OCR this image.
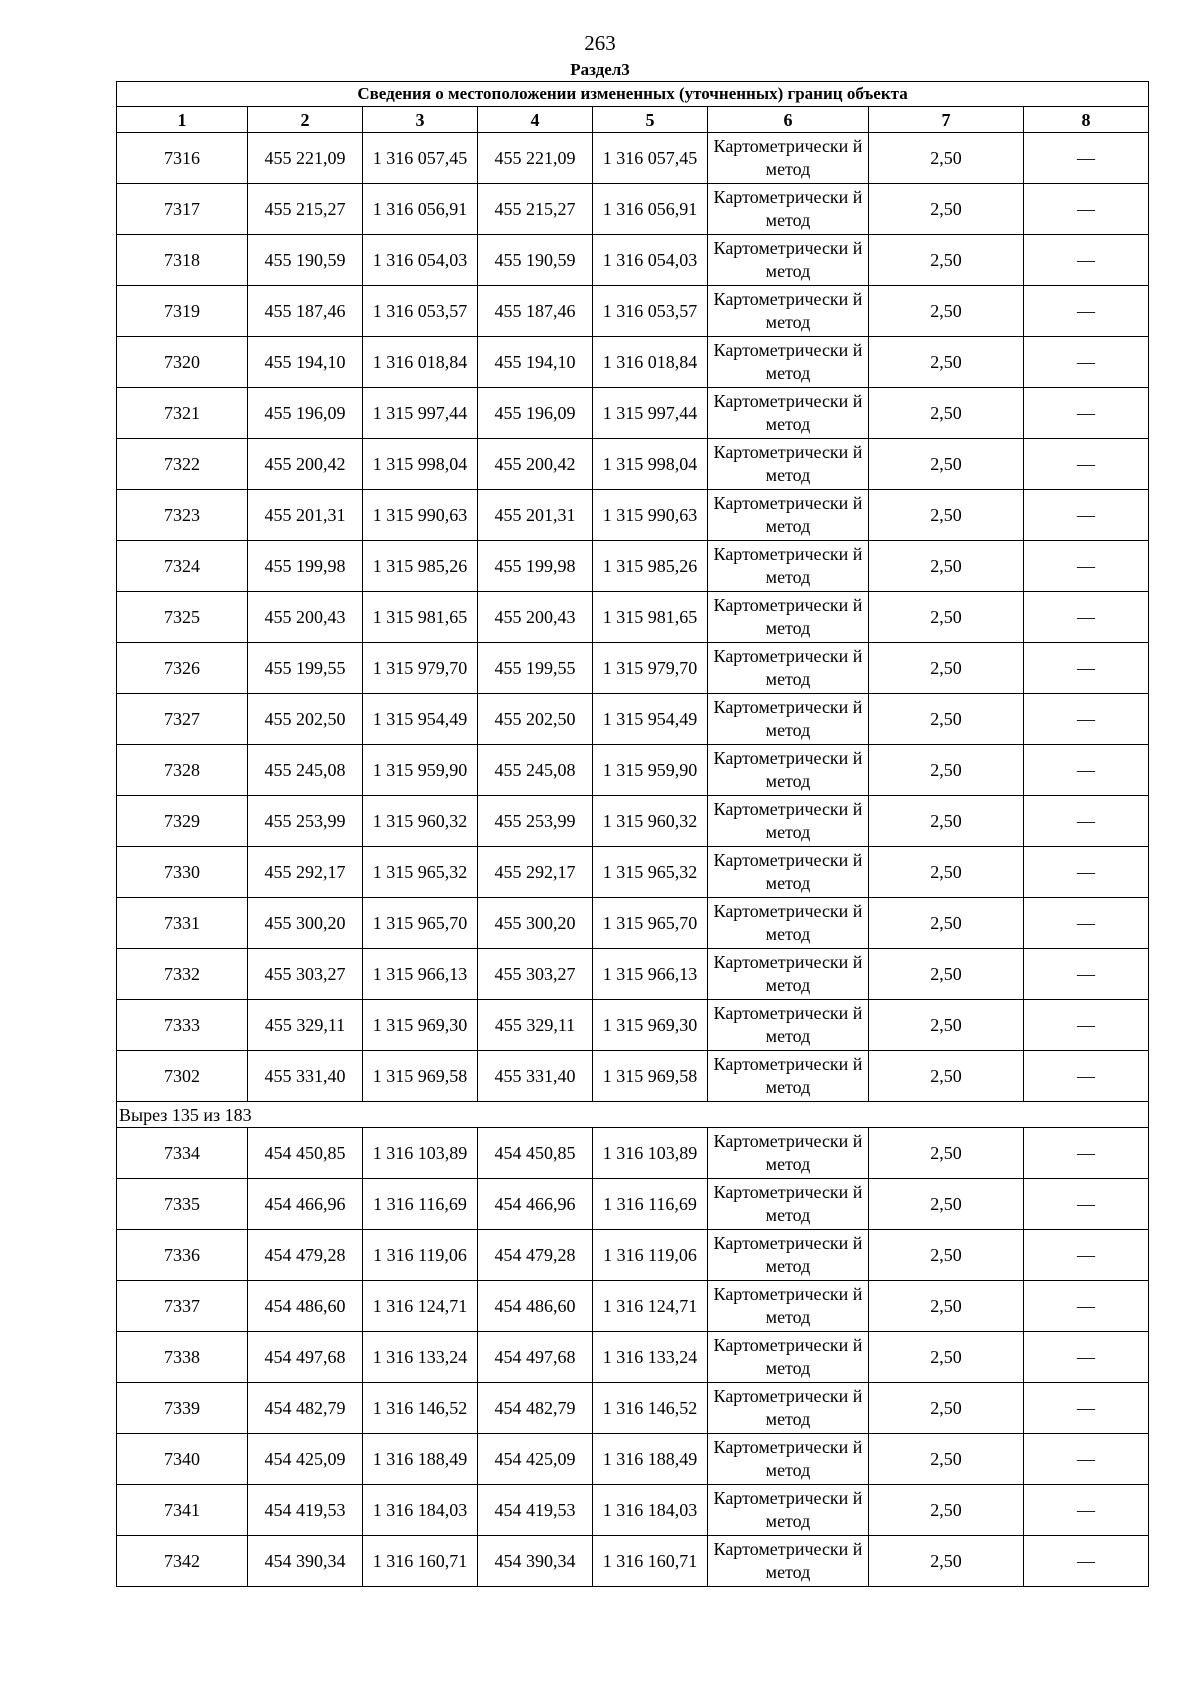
263
Раздел3
Сведения о местоположении измененных (уточненных) границ объекта							
1	2	3	4	5	6	7	8
7316	455 221,09	1 316 057,45	455 221,09	1 316 057,45	Картометрически й метод	2,50	—
7317	455 215,27	1 316 056,91	455 215,27	1 316 056,91	Картометрически й метод	2,50	—
7318	455 190,59	1 316 054,03	455 190,59	1 316 054,03	Картометрически й метод	2,50	—
7319	455 187,46	1 316 053,57	455 187,46	1 316 053,57	Картометрически й метод	2,50	—
7320	455 194,10	1 316 018,84	455 194,10	1 316 018,84	Картометрически й метод	2,50	—
7321	455 196,09	1 315 997,44	455 196,09	1 315 997,44	Картометрически й метод	2,50	—
7322	455 200,42	1 315 998,04	455 200,42	1 315 998,04	Картометрически й метод	2,50	—
7323	455 201,31	1 315 990,63	455 201,31	1 315 990,63	Картометрически й метод	2,50	—
7324	455 199,98	1 315 985,26	455 199,98	1 315 985,26	Картометрически й метод	2,50	—
7325	455 200,43	1 315 981,65	455 200,43	1 315 981,65	Картометрически й метод	2,50	—
7326	455 199,55	1 315 979,70	455 199,55	1 315 979,70	Картометрически й метод	2,50	—
7327	455 202,50	1 315 954,49	455 202,50	1 315 954,49	Картометрически й метод	2,50	—
7328	455 245,08	1 315 959,90	455 245,08	1 315 959,90	Картометрически й метод	2,50	—
7329	455 253,99	1 315 960,32	455 253,99	1 315 960,32	Картометрически й метод	2,50	—
7330	455 292,17	1 315 965,32	455 292,17	1 315 965,32	Картометрически й метод	2,50	—
7331	455 300,20	1 315 965,70	455 300,20	1 315 965,70	Картометрически й метод	2,50	—
7332	455 303,27	1 315 966,13	455 303,27	1 315 966,13	Картометрически й метод	2,50	—
7333	455 329,11	1 315 969,30	455 329,11	1 315 969,30	Картометрически й метод	2,50	—
7302	455 331,40	1 315 969,58	455 331,40	1 315 969,58	Картометрически й метод	2,50	—
Вырез 135 из 183							
7334	454 450,85	1 316 103,89	454 450,85	1 316 103,89	Картометрически й метод	2,50	—
7335	454 466,96	1 316 116,69	454 466,96	1 316 116,69	Картометрически й метод	2,50	—
7336	454 479,28	1 316 119,06	454 479,28	1 316 119,06	Картометрически й метод	2,50	—
7337	454 486,60	1 316 124,71	454 486,60	1 316 124,71	Картометрически й метод	2,50	—
7338	454 497,68	1 316 133,24	454 497,68	1 316 133,24	Картометрически й метод	2,50	—
7339	454 482,79	1 316 146,52	454 482,79	1 316 146,52	Картометрически й метод	2,50	—
7340	454 425,09	1 316 188,49	454 425,09	1 316 188,49	Картометрически й метод	2,50	—
7341	454 419,53	1 316 184,03	454 419,53	1 316 184,03	Картометрически й метод	2,50	—
7342	454 390,34	1 316 160,71	454 390,34	1 316 160,71	Картометрически й метод	2,50	—
